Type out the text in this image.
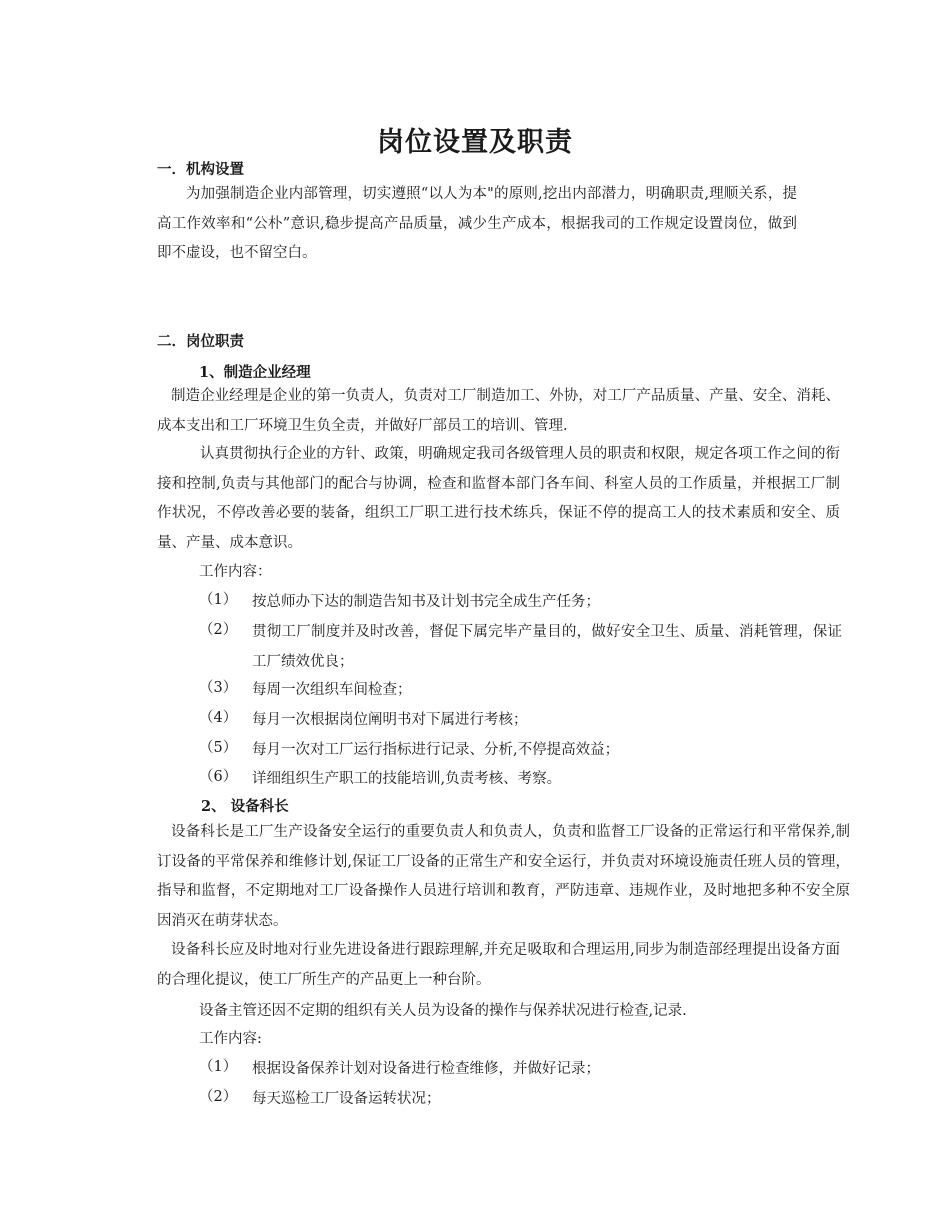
岗位设置及职责
一．机构设置
为加强制造企业内部管理，切实遵照“以人为本"的原则,挖出内部潜力，明确职责,理顺关系，提高工作效率和“公朴”意识,稳步提高产品质量，减少生产成本，根据我司的工作规定设置岗位，做到即不虚设，也不留空白。
二．岗位职责
1、制造企业经理
制造企业经理是企业的第一负责人，负责对工厂制造加工、外协，对工厂产品质量、产量、安全、消耗、成本支出和工厂环境卫生负全责，并做好厂部员工的培训、管理.
认真贯彻执行企业的方针、政策，明确规定我司各级管理人员的职责和权限，规定各项工作之间的衔接和控制,负责与其他部门的配合与协调，检查和监督本部门各车间、科室人员的工作质量，并根据工厂制作状况，不停改善必要的装备，组织工厂职工进行技术练兵，保证不停的提高工人的技术素质和安全、质量、产量、成本意识。
工作内容：
（1） 按总师办下达的制造告知书及计划书完全成生产任务；
（2） 贯彻工厂制度并及时改善，督促下属完毕产量目的，做好安全卫生、质量、消耗管理，保证工厂绩效优良；
（3） 每周一次组织车间检查；
（4） 每月一次根据岗位阐明书对下属进行考核；
（5） 每月一次对工厂运行指标进行记录、分析,不停提高效益；
（6） 详细组织生产职工的技能培训,负责考核、考察。
2、 设备科长
设备科长是工厂生产设备安全运行的重要负责人和负责人，负责和监督工厂设备的正常运行和平常保养,制订设备的平常保养和维修计划,保证工厂设备的正常生产和安全运行，并负责对环境设施责任班人员的管理，指导和监督，不定期地对工厂设备操作人员进行培训和教育，严防违章、违规作业，及时地把多种不安全原因消灭在萌芽状态。
设备科长应及时地对行业先进设备进行跟踪理解,并充足吸取和合理运用,同步为制造部经理提出设备方面的合理化提议，使工厂所生产的产品更上一种台阶。
设备主管还因不定期的组织有关人员为设备的操作与保养状况进行检查,记录.
工作内容:
（1） 根据设备保养计划对设备进行检查维修，并做好记录；
（2） 每天巡检工厂设备运转状况；
